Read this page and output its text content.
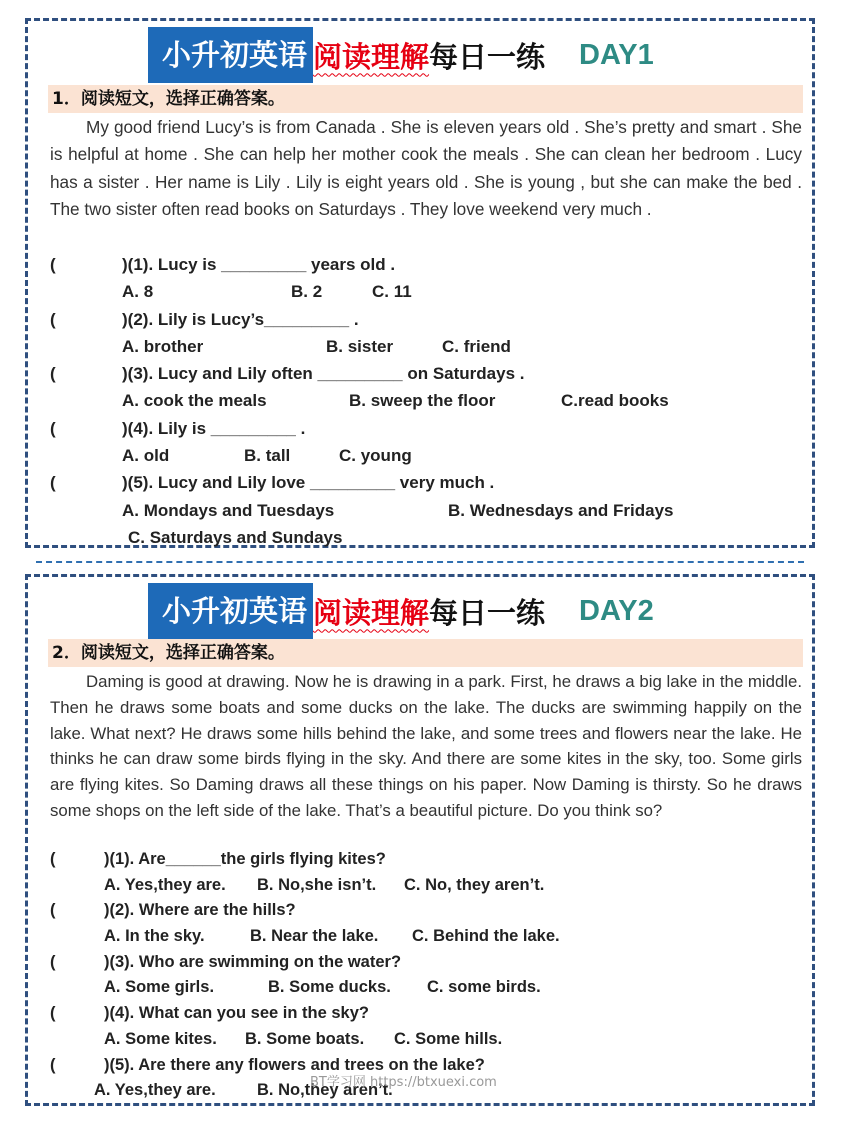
小升初英语 阅读理解 每日一练 DAY1
1．阅读短文，选择正确答案。

My good friend Lucy’s is from Canada . She is eleven years old . She’s pretty and smart . She is helpful at home . She can help her mother cook the meals . She can clean her bedroom . Lucy has a sister . Her name is Lily . Lily is eight years old . She is young , but she can make the bed . The two sister often read books on Saturdays . They love weekend very much .

(	)(1). Lucy is _________ years old .
A. 8	B. 2	C. 11
(	)(2). Lily is Lucy’s_________ .
A. brother	B. sister	C. friend
(	)(3). Lucy and Lily often _________ on Saturdays .
A. cook the meals	B. sweep the floor	C.read books
(	)(4). Lily is _________ .
A. old	B. tall	C. young
(	)(5). Lucy and Lily love _________ very much .
A. Mondays and Tuesdays	B. Wednesdays and Fridays
C. Saturdays and Sundays
小升初英语 阅读理解 每日一练 DAY2
2．阅读短文，选择正确答案。

Daming is good at drawing. Now he is drawing in a park. First, he draws a big lake in the middle. Then he draws some boats and some ducks on the lake. The ducks are swimming happily on the lake. What next? He draws some hills behind the lake, and some trees and flowers near the lake. He thinks he can draw some birds flying in the sky. And there are some kites in the sky, too. Some girls are flying kites. So Daming draws all these things on his paper. Now Daming is thirsty. So he draws some shops on the left side of the lake. That’s a beautiful picture. Do you think so?

(	)(1). Are______the girls flying kites?
A. Yes,they are. B. No,she isn’t. C. No, they aren’t.
(	)(2). Where are the hills?
A. In the sky.	B. Near the lake. C. Behind the lake.
(	)(3). Who are swimming on the water?
A. Some girls.	B. Some ducks. C. some birds.
(	)(4). What can you see in the sky?
A. Some kites. B. Some boats. C. Some hills.
(	)(5). Are there any flowers and trees on the lake?
A. Yes,they are.	B. No,they aren’t.
BT学习网 https://btxuexi.com
